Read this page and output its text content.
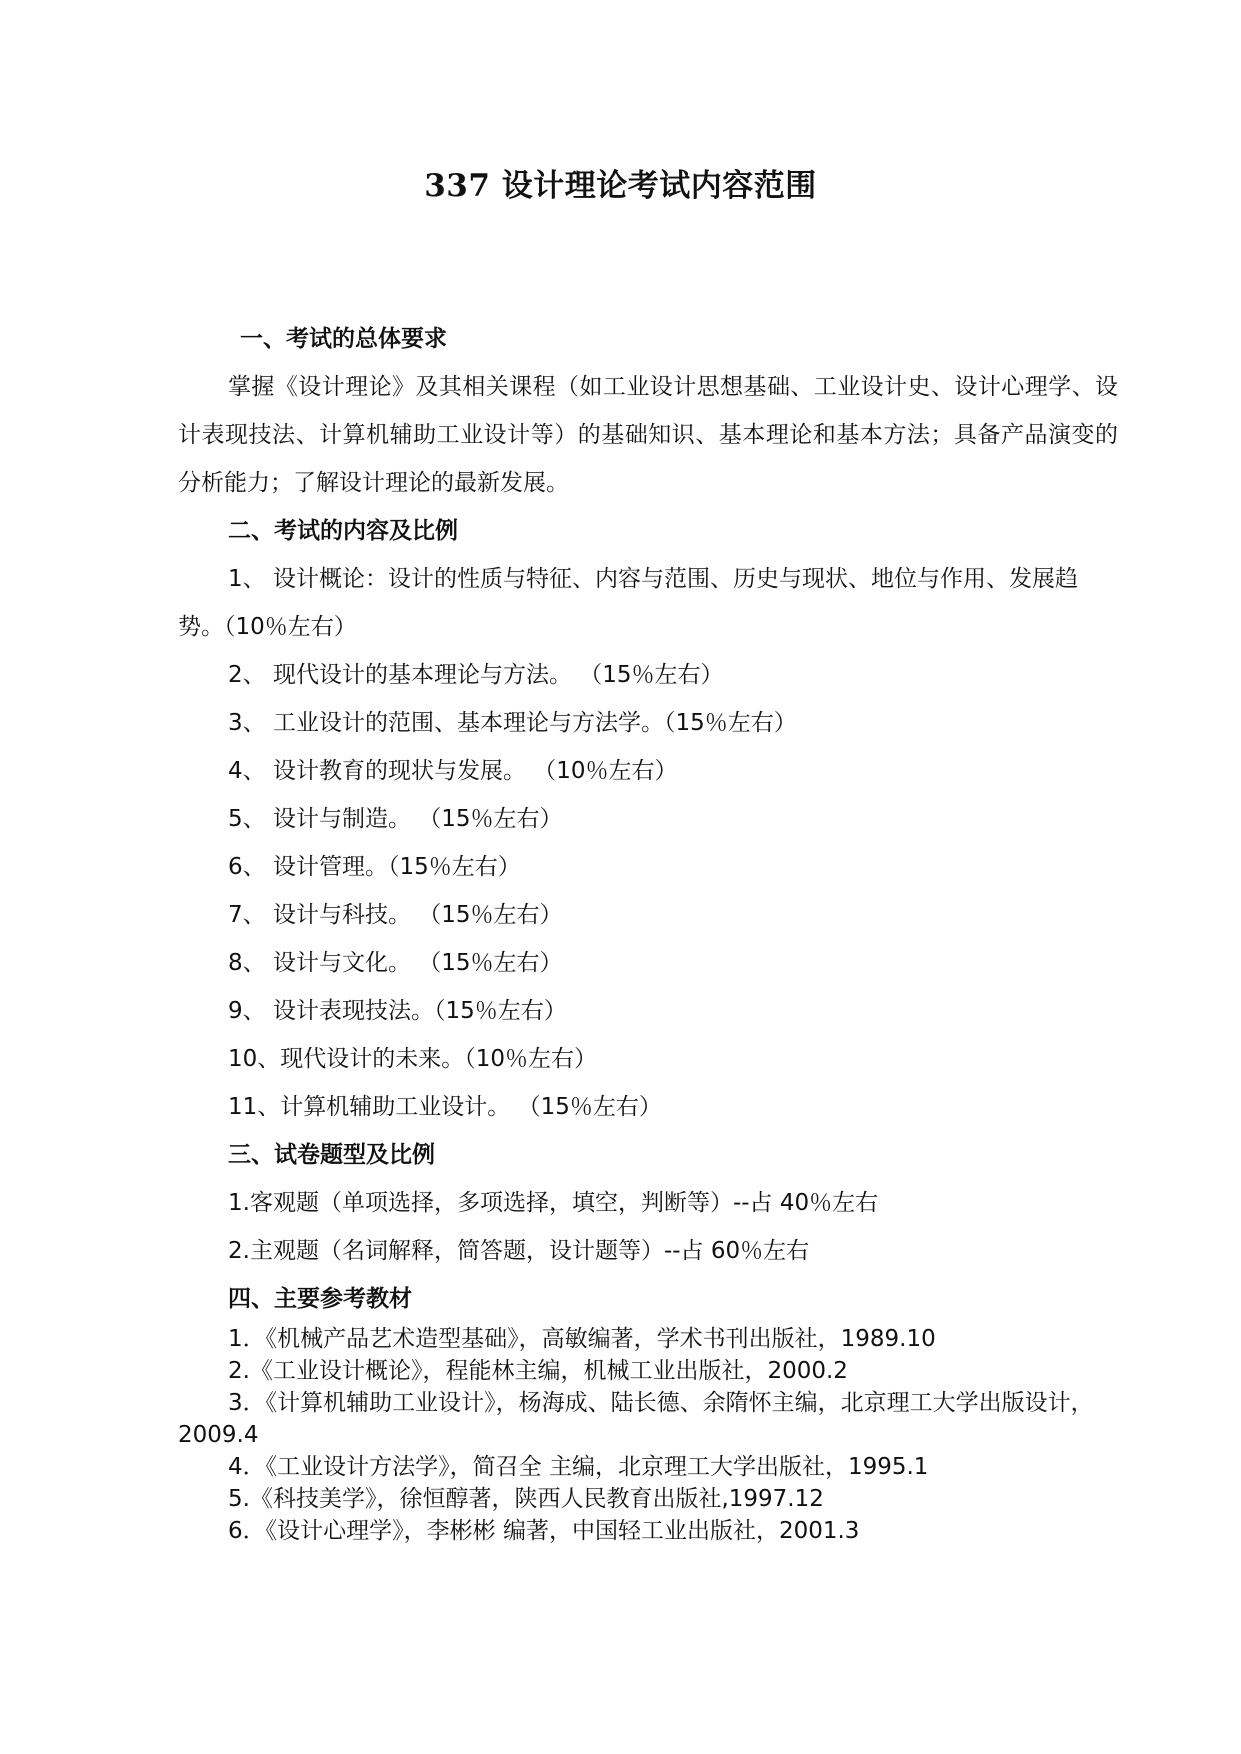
337 设计理论考试内容范围
一、考试的总体要求
掌握《设计理论》及其相关课程（如工业设计思想基础、工业设计史、设计心理学、设计表现技法、计算机辅助工业设计等）的基础知识、基本理论和基本方法；具备产品演变的分析能力；了解设计理论的最新发展。
二、考试的内容及比例
1、 设计概论：设计的性质与特征、内容与范围、历史与现状、地位与作用、发展趋势。（10％左右）
2、 现代设计的基本理论与方法。 （15％左右）
3、 工业设计的范围、基本理论与方法学。（15％左右）
4、 设计教育的现状与发展。 （10％左右）
5、 设计与制造。 （15％左右）
6、 设计管理。（15％左右）
7、 设计与科技。 （15％左右）
8、 设计与文化。 （15％左右）
9、 设计表现技法。（15％左右）
10、现代设计的未来。（10％左右）
11、计算机辅助工业设计。 （15％左右）
三、试卷题型及比例
1.客观题（单项选择，多项选择，填空，判断等）--占 40％左右
2.主观题（名词解释，简答题，设计题等）--占 60％左右
四、主要参考教材
1．《机械产品艺术造型基础》，高敏编著，学术书刊出版社，1989.10
2.《工业设计概论》，程能林主编，机械工业出版社，2000.2
3．《计算机辅助工业设计》，杨海成、陆长德、余隋怀主编，北京理工大学出版设计，2009.4
4．《工业设计方法学》，简召全 主编，北京理工大学出版社，1995.1
5.《科技美学》，徐恒醇著，陕西人民教育出版社,1997.12
6．《设计心理学》，李彬彬 编著，中国轻工业出版社，2001.3
